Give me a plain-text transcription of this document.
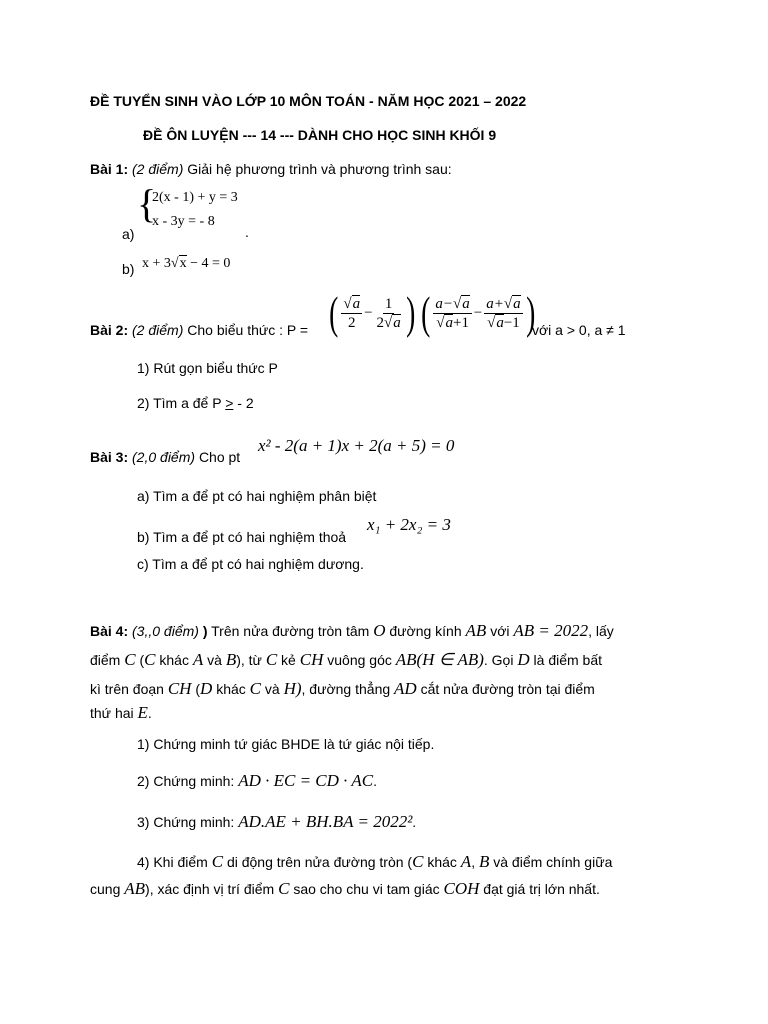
ĐỀ TUYỂN SINH VÀO LỚP 10 MÔN TOÁN - NĂM HỌC 2021 – 2022
ĐỀ ÔN LUYỆN --- 14 --- DÀNH CHO HỌC SINH KHỐI 9
Bài 1: (2 điểm) Giải hệ phương trình và phương trình sau:
a)
{
2(x - 1) + y = 3
x - 3y = - 8
.
b) x + 3√x − 4 = 0
Bài 2: (2 điểm) Cho biểu thức : P = ( $\frac{√a}{2} - \frac{1}{2√a}$ ) ( $\frac{a-√a}{√a+1} - \frac{a+√a}{√a-1}$ )
với a > 0, a ≠ 1
1) Rút gọn biểu thức P
2) Tìm a để P > - 2
Bài 3: (2,0 điểm) Cho pt
x² - 2(a + 1)x + 2(a + 5) = 0
a) Tìm a để pt có hai nghiệm phân biệt
b) Tìm a để pt có hai nghiệm thoả
x₁ + 2x₂ = 3
c) Tìm a để pt có hai nghiệm dương.
Bài 4: (3,,0 điểm) ) Trên nửa đường tròn tâm O đường kính AB với AB = 2022, lấy
điểm C (C khác A và B), từ C kẻ CH vuông góc AB(H ∈ AB). Gọi D là điểm bất
kì trên đoạn CH (D khác C và H), đường thẳng AD cắt nửa đường tròn tại điểm
thứ hai E.
1) Chứng minh tứ giác BHDE là tứ giác nội tiếp.
2) Chứng minh: AD · EC = CD · AC.
3) Chứng minh: AD.AE + BH.BA = 2022².
4) Khi điểm C di động trên nửa đường tròn (C khác A, B và điểm chính giữa
cung AB), xác định vị trí điểm C sao cho chu vi tam giác COH đạt giá trị lớn nhất.
